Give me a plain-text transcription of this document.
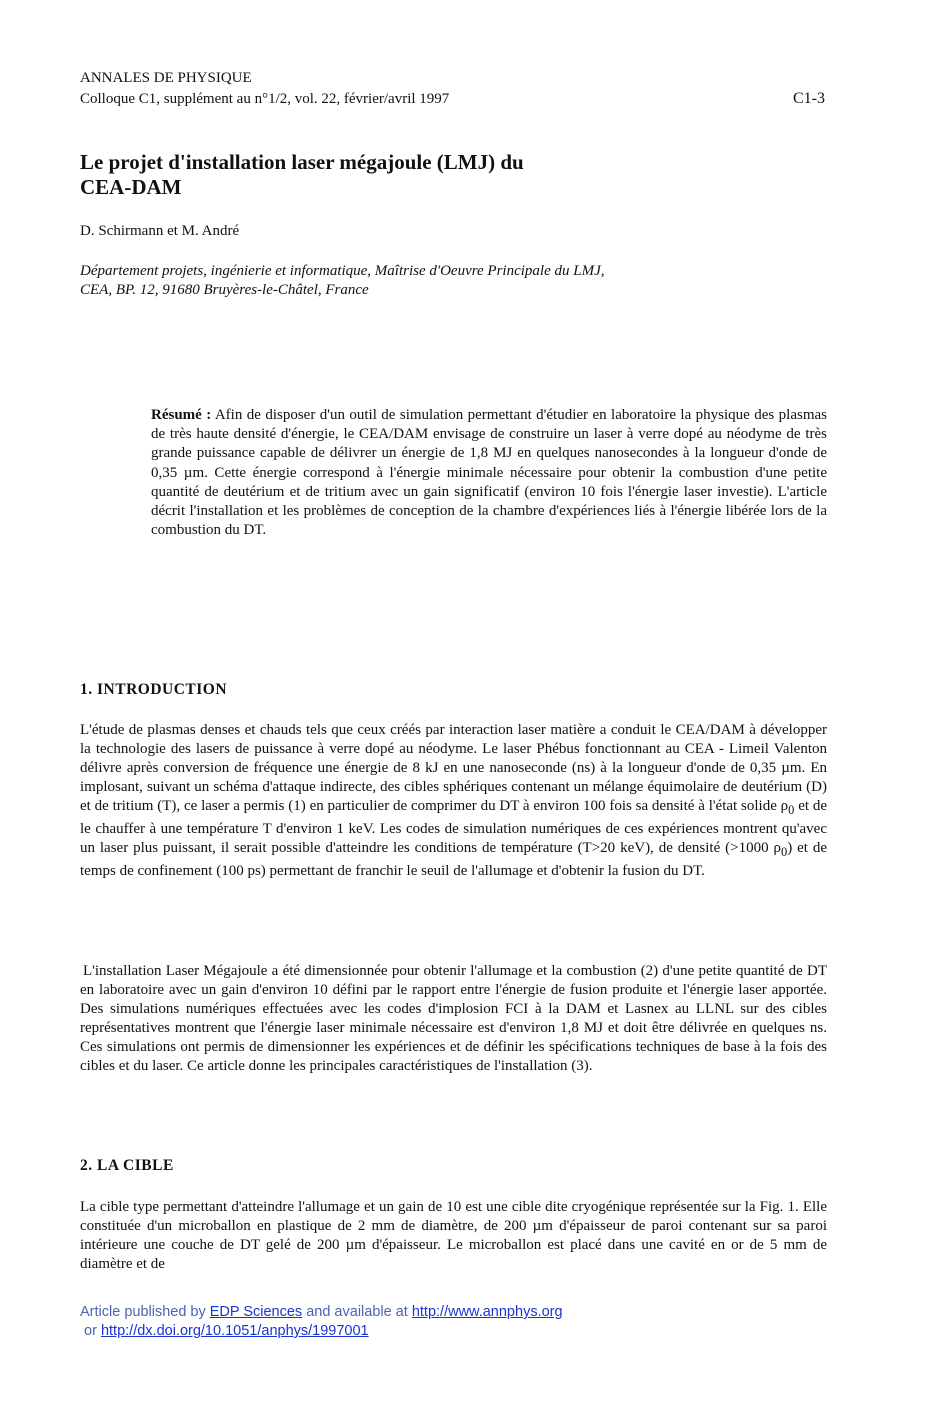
ANNALES DE PHYSIQUE
Colloque C1, supplément au n°1/2, vol. 22, février/avril 1997	C1-3
Le projet d'installation laser mégajoule (LMJ) du
CEA-DAM
D. Schirmann et M. André
Département projets, ingénierie et informatique, Maîtrise d'Oeuvre Principale du LMJ,
CEA, BP. 12, 91680 Bruyères-le-Châtel, France

Résumé : Afin de disposer d'un outil de simulation permettant d'étudier en laboratoire la physique des plasmas de très haute densité d'énergie, le CEA/DAM envisage de construire un laser à verre dopé au néodyme de très grande puissance capable de délivrer un énergie de 1,8 MJ en quelques nanosecondes à la longueur d'onde de 0,35 µm. Cette énergie correspond à l'énergie minimale nécessaire pour obtenir la combustion d'une petite quantité de deutérium et de tritium avec un gain significatif (environ 10 fois l'énergie laser investie). L'article décrit l'installation et les problèmes de conception de la chambre d'expériences liés à l'énergie libérée lors de la combustion du DT.

1. INTRODUCTION

L'étude de plasmas denses et chauds tels que ceux créés par interaction laser matière a conduit le CEA/DAM à développer la technologie des lasers de puissance à verre dopé au néodyme. Le laser Phébus fonctionnant au CEA - Limeil Valenton délivre après conversion de fréquence une énergie de 8 kJ en une nanoseconde (ns) à la longueur d'onde de 0,35 µm. En implosant, suivant un schéma d'attaque indirecte, des cibles sphériques contenant un mélange équimolaire de deutérium (D) et de tritium (T), ce laser a permis (1) en particulier de comprimer du DT à environ 100 fois sa densité à l'état solide $\rho_0$ et de le chauffer à une température T d'environ 1 keV. Les codes de simulation numériques de ces expériences montrent qu'avec un laser plus puissant, il serait possible d'atteindre les conditions de température (T>20 keV), de densité (>1000 $\rho_0$) et de temps de confinement (100 ps) permettant de franchir le seuil de l'allumage et d'obtenir la fusion du DT.

L'installation Laser Mégajoule a été dimensionnée pour obtenir l'allumage et la combustion (2) d'une petite quantité de DT en laboratoire avec un gain d'environ 10 défini par le rapport entre l'énergie de fusion produite et l'énergie laser apportée. Des simulations numériques effectuées avec les codes d'implosion FCI à la DAM et Lasnex au LLNL sur des cibles représentatives montrent que l'énergie laser minimale nécessaire est d'environ 1,8 MJ et doit être délivrée en quelques ns. Ces simulations ont permis de dimensionner les expériences et de définir les spécifications techniques de base à la fois des cibles et du laser. Ce article donne les principales caractéristiques de l'installation (3).

2. LA CIBLE

La cible type permettant d'atteindre l'allumage et un gain de 10 est une cible dite cryogénique représentée sur la Fig. 1. Elle constituée d'un microballon en plastique de 2 mm de diamètre, de 200 µm d'épaisseur de paroi contenant sur sa paroi intérieure une couche de DT gelé de 200 µm d'épaisseur. Le microballon est placé dans une cavité en or de 5 mm de diamètre et de

Article published by EDP Sciences and available at http://www.annphys.org
or http://dx.doi.org/10.1051/anphys/1997001
